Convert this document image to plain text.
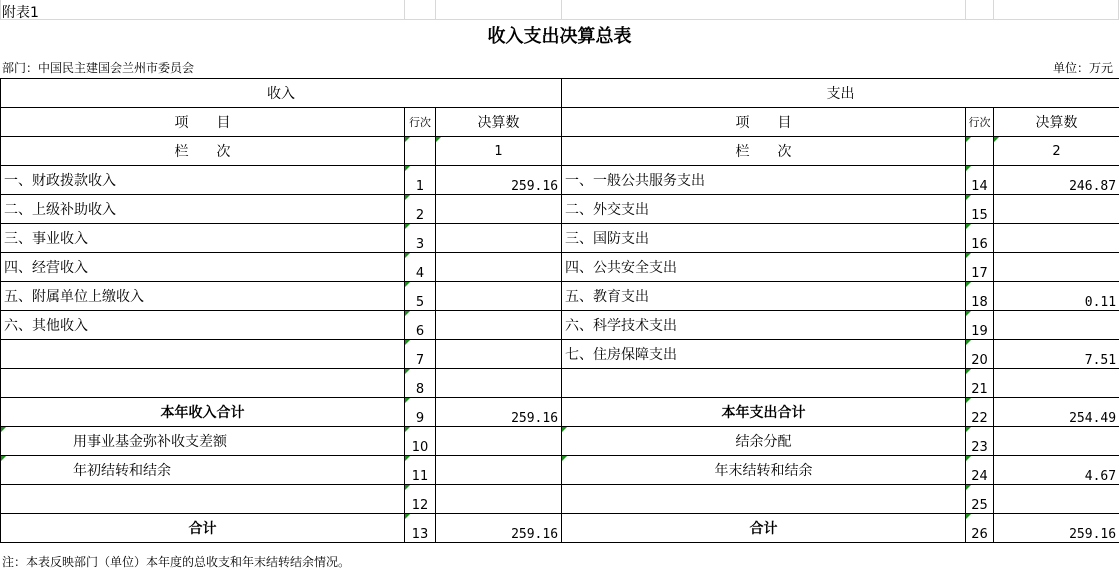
附表1
收入支出决算总表
部门：中国民主建国会兰州市委员会	单位：万元
收入			支出		
项　　目	行次	决算数	项　　目	行次	决算数
栏　　次		1	栏　　次		2
一、财政拨款收入	1	259.16	一、一般公共服务支出	14	246.87
二、上级补助收入	2		二、外交支出	15	
三、事业收入	3		三、国防支出	16	
四、经营收入	4		四、公共安全支出	17	
五、附属单位上缴收入	5		五、教育支出	18	0.11
六、其他收入	6		六、科学技术支出	19	
	7		七、住房保障支出	20	7.51
	8			21	
本年收入合计	9	259.16	本年支出合计	22	254.49
用事业基金弥补收支差额	10		结余分配	23	
年初结转和结余	11		年末结转和结余	24	4.67
	12			25	
合计	13	259.16	合计	26	259.16
注：本表反映部门（单位）本年度的总收支和年末结转结余情况。
